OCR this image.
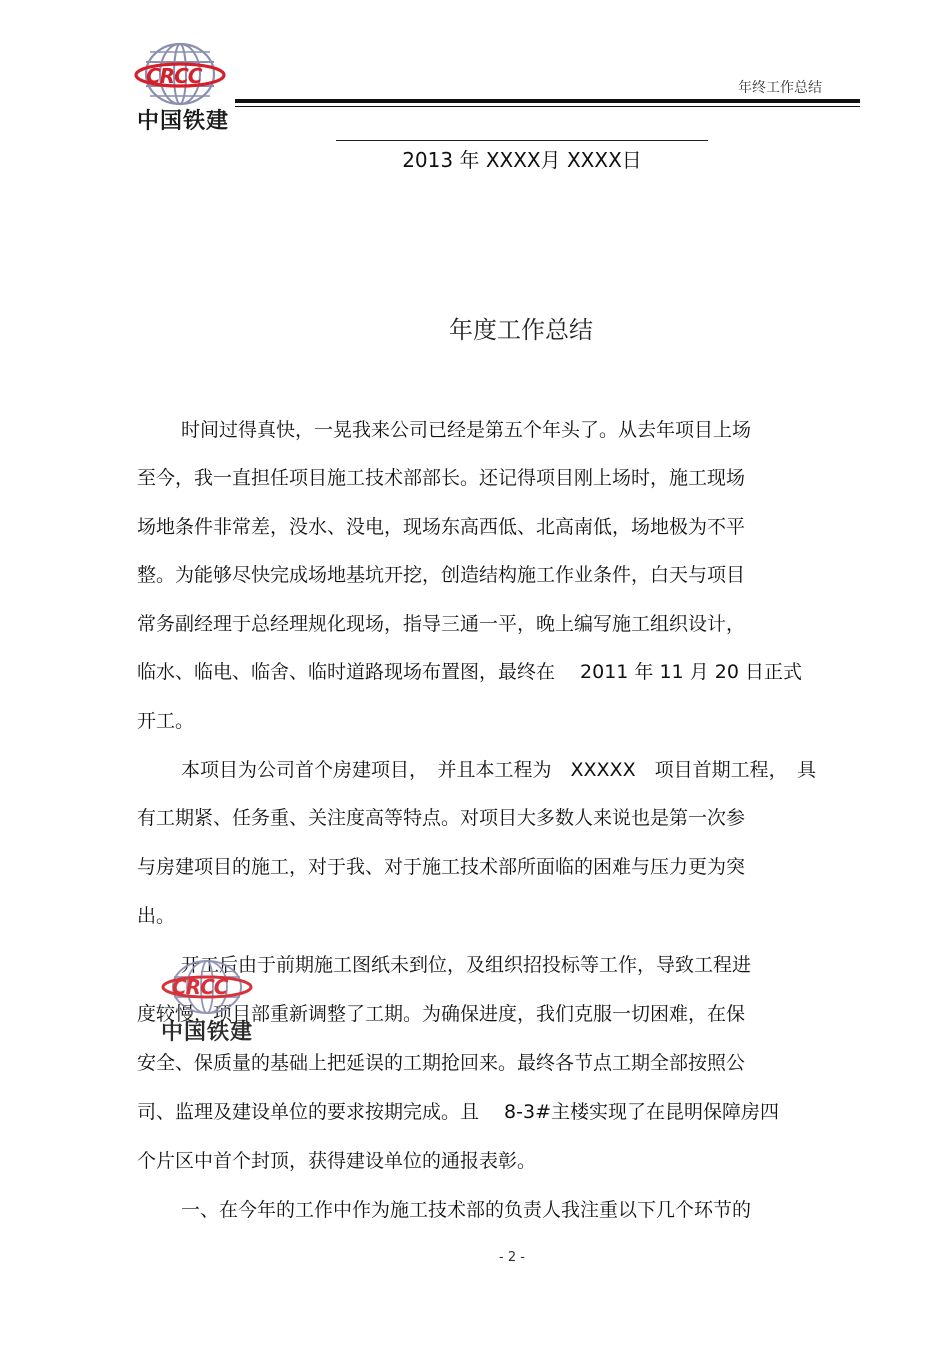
CRCC
中国铁建
年终工作总结
2013 年 XXXX月 XXXX日
年度工作总结
时间过得真快，一晃我来公司已经是第五个年头了。从去年项目上场
至今，我一直担任项目施工技术部部长。还记得项目刚上场时，施工现场
场地条件非常差，没水、没电，现场东高西低、北高南低，场地极为不平
整。为能够尽快完成场地基坑开挖，创造结构施工作业条件，白天与项目
常务副经理于总经理规化现场，指导三通一平，晚上编写施工组织设计，
临水、临电、临舍、临时道路现场布置图，最终在　 2011 年 11 月 20 日正式
开工。
本项目为公司首个房建项目，　并且本工程为　XXXXX　项目首期工程，　具
有工期紧、任务重、关注度高等特点。对项目大多数人来说也是第一次参
与房建项目的施工，对于我、对于施工技术部所面临的困难与压力更为突
出。
开工后由于前期施工图纸未到位，及组织招投标等工作，导致工程进
度较慢，项目部重新调整了工期。为确保进度，我们克服一切困难，在保
安全、保质量的基础上把延误的工期抢回来。最终各节点工期全部按照公
司、监理及建设单位的要求按期完成。且　 8-3#主楼实现了在昆明保障房四
个片区中首个封顶，获得建设单位的通报表彰。
一、在今年的工作中作为施工技术部的负责人我注重以下几个环节的
CRCC
中国铁建
- 2 -
